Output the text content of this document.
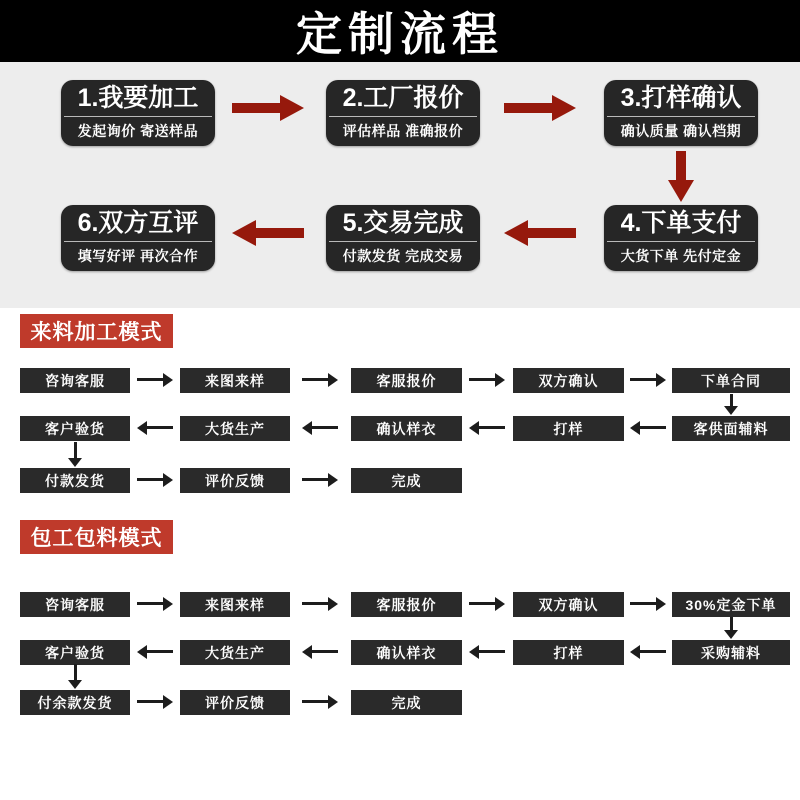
定制流程
1.我要加工
发起询价 寄送样品
2.工厂报价
评估样品 准确报价
3.打样确认
确认质量 确认档期
6.双方互评
填写好评 再次合作
5.交易完成
付款发货 完成交易
4.下单支付
大货下单 先付定金
来料加工模式
咨询客服	来图来样	客服报价	双方确认	下单合同
客户验货	大货生产	确认样衣	打样	客供面辅料
付款发货	评价反馈	完成
包工包料模式
咨询客服	来图来样	客服报价	双方确认	30%定金下单
客户验货	大货生产	确认样衣	打样	采购辅料
付余款发货	评价反馈	完成
